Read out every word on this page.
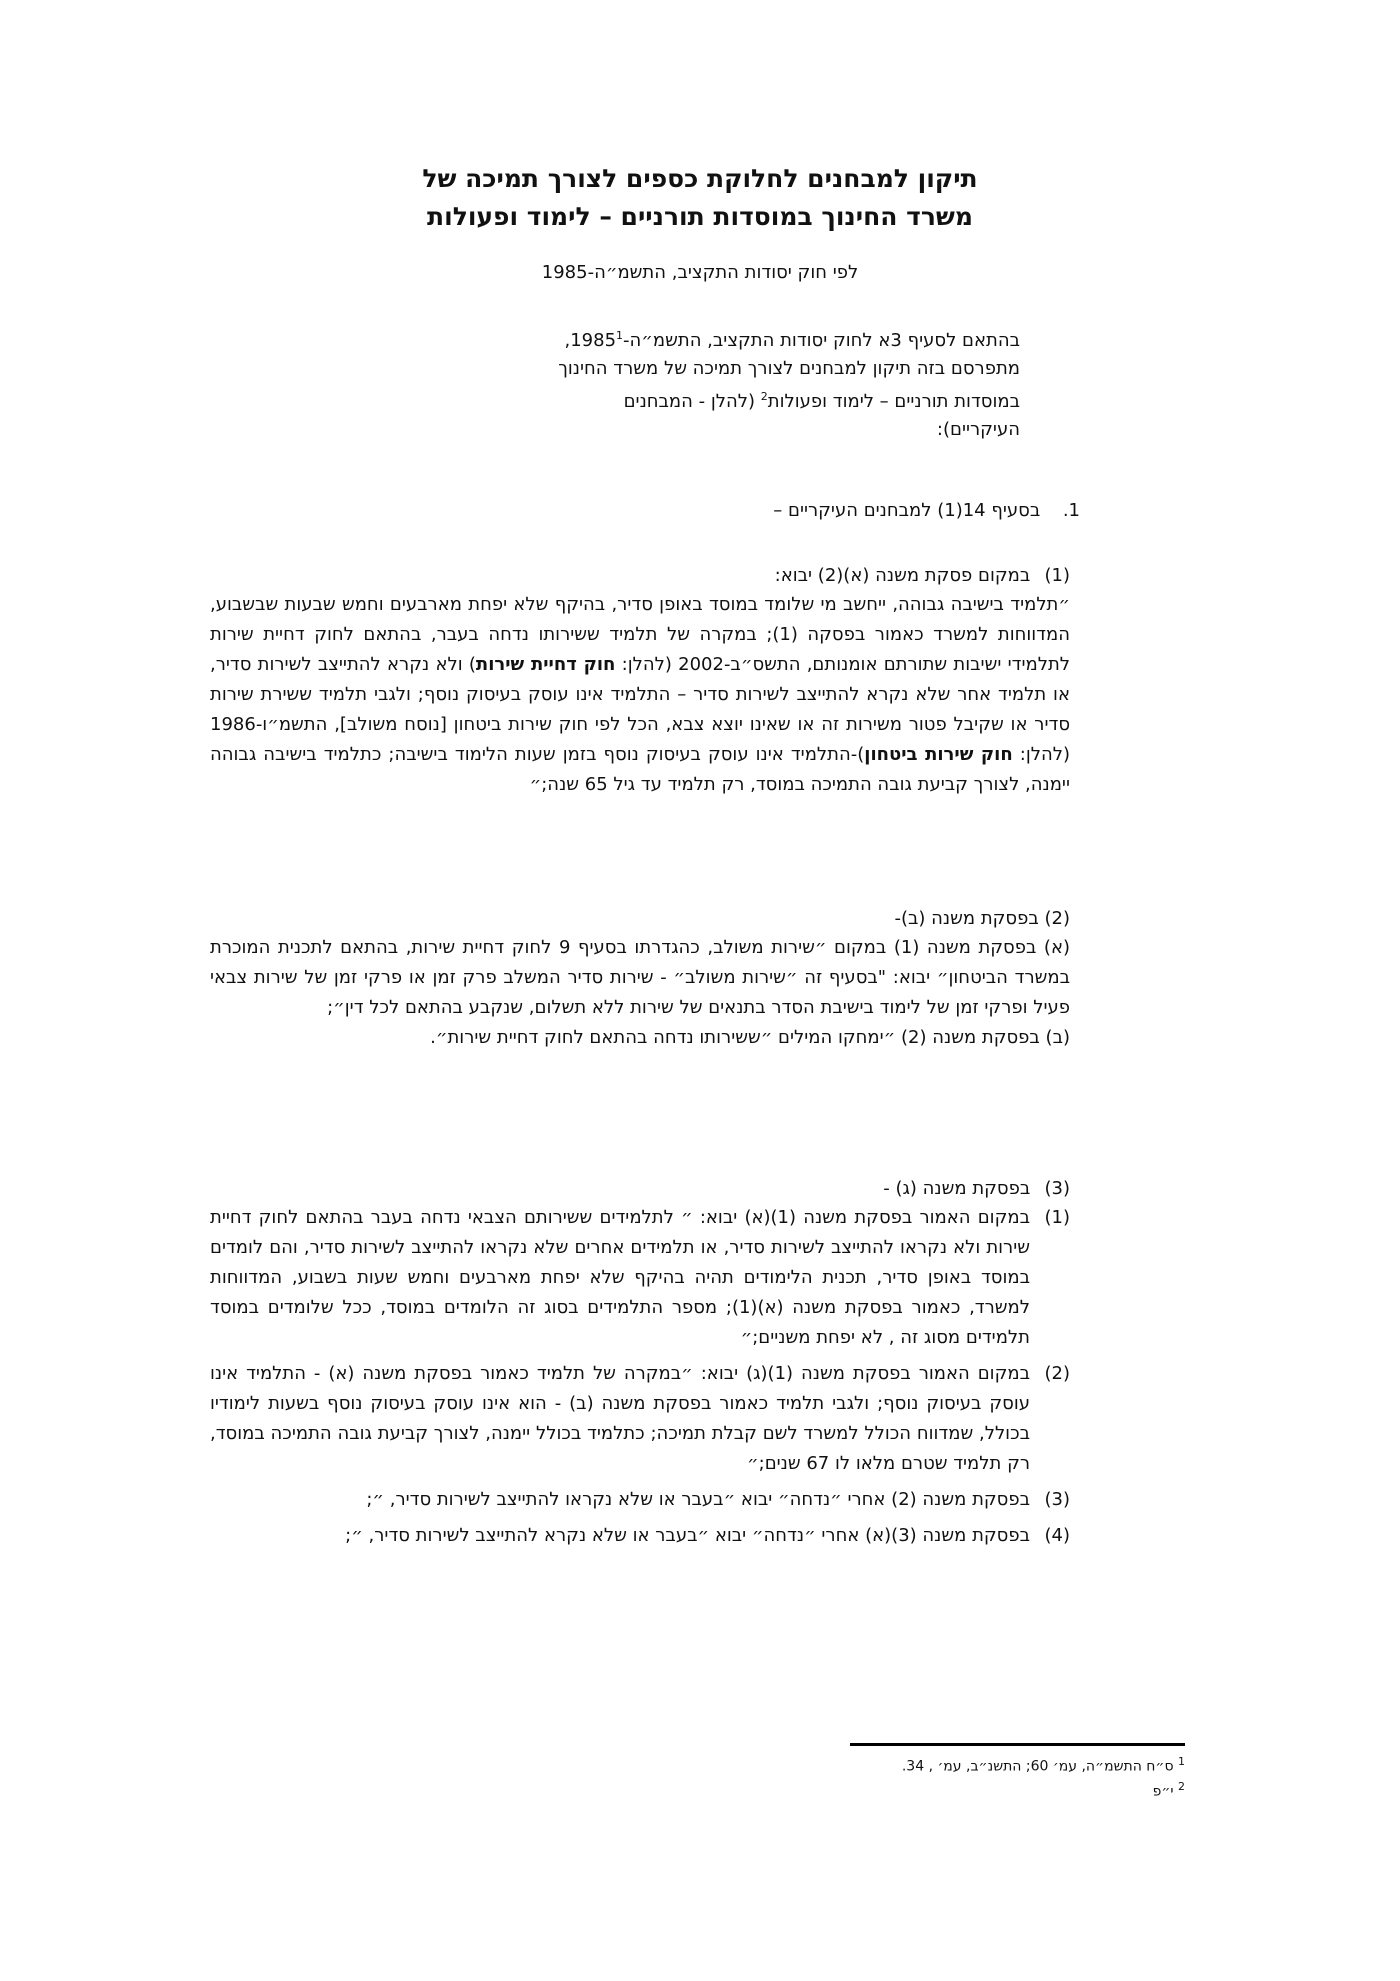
תיקון למבחנים לחלוקת כספים לצורך תמיכה של
משרד החינוך במוסדות תורניים – לימוד ופעולות
לפי חוק יסודות התקציב, התשמ״ה-1985
בהתאם לסעיף 3א לחוק יסודות התקציב, התשמ״ה-1985$^1$,
מתפרסם בזה תיקון למבחנים לצורך תמיכה של משרד החינוך
במוסדות תורניים – לימוד ופעולות$^2$ (להלן - המבחנים
העיקריים):
1. בסעיף 14(1) למבחנים העיקריים –
(1) במקום פסקת משנה (א)(2) יבוא:
״תלמיד בישיבה גבוהה, ייחשב מי שלומד במוסד באופן סדיר, בהיקף שלא יפחת מארבעים וחמש שבעות שבשבוע, המדווחות למשרד כאמור בפסקה (1); במקרה של תלמיד ששירותו נדחה בעבר, בהתאם לחוק דחיית שירות לתלמידי ישיבות שתורתם אומנותם, התשס״ב-2002 (להלן: חוק דחיית שירות) ולא נקרא להתייצב לשירות סדיר, או תלמיד אחר שלא נקרא להתייצב לשירות סדיר – התלמיד אינו עוסק בעיסוק נוסף; ולגבי תלמיד ששירת שירות סדיר או שקיבל פטור משירות זה או שאינו יוצא צבא, הכל לפי חוק שירות ביטחון [נוסח משולב], התשמ״ו-1986 (להלן: חוק שירות ביטחון)-התלמיד אינו עוסק בעיסוק נוסף בזמן שעות הלימוד בישיבה; כתלמיד בישיבה גבוהה יימנה, לצורך קביעת גובה התמיכה במוסד, רק תלמיד עד גיל 65 שנה;״
(2) בפסקת משנה (ב)-
(א) בפסקת משנה (1) במקום ״שירות משולב, כהגדרתו בסעיף 9 לחוק דחיית שירות, בהתאם לתכנית המוכרת במשרד הביטחון״ יבוא: "בסעיף זה ״שירות משולב״ - שירות סדיר המשלב פרק זמן או פרקי זמן של שירות צבאי פעיל ופרקי זמן של לימוד בישיבת הסדר בתנאים של שירות ללא תשלום, שנקבע בהתאם לכל דין״;
(ב) בפסקת משנה (2) ״ימחקו המילים ״ששירותו נדחה בהתאם לחוק דחיית שירות״.
(3) בפסקת משנה (ג) -
(1)
במקום האמור בפסקת משנה (1)(א) יבוא: ״ לתלמידים ששירותם הצבאי נדחה בעבר בהתאם לחוק דחיית שירות ולא נקראו להתייצב לשירות סדיר, או תלמידים אחרים שלא נקראו להתייצב לשירות סדיר, והם לומדים במוסד באופן סדיר, תכנית הלימודים תהיה בהיקף שלא יפחת מארבעים וחמש שעות בשבוע, המדווחות למשרד, כאמור בפסקת משנה (א)(1); מספר התלמידים בסוג זה הלומדים במוסד, ככל שלומדים במוסד תלמידים מסוג זה , לא יפחת משניים;״
(2)
במקום האמור בפסקת משנה (1)(ג) יבוא: ״במקרה של תלמיד כאמור בפסקת משנה (א) - התלמיד אינו עוסק בעיסוק נוסף; ולגבי תלמיד כאמור בפסקת משנה (ב) - הוא אינו עוסק בעיסוק נוסף בשעות לימודיו בכולל, שמדווח הכולל למשרד לשם קבלת תמיכה; כתלמיד בכולל יימנה, לצורך קביעת גובה התמיכה במוסד, רק תלמיד שטרם מלאו לו 67 שנים;״
(3)
בפסקת משנה (2) אחרי ״נדחה״ יבוא ״בעבר או שלא נקראו להתייצב לשירות סדיר, ״;
(4)
בפסקת משנה (3)(א) אחרי ״נדחה״ יבוא ״בעבר או שלא נקרא להתייצב לשירות סדיר, ״;
$^1$ ס״ח התשמ״ה, עמ׳ 60; התשנ״ב, עמ׳ , 34.
$^2$ י״פ
